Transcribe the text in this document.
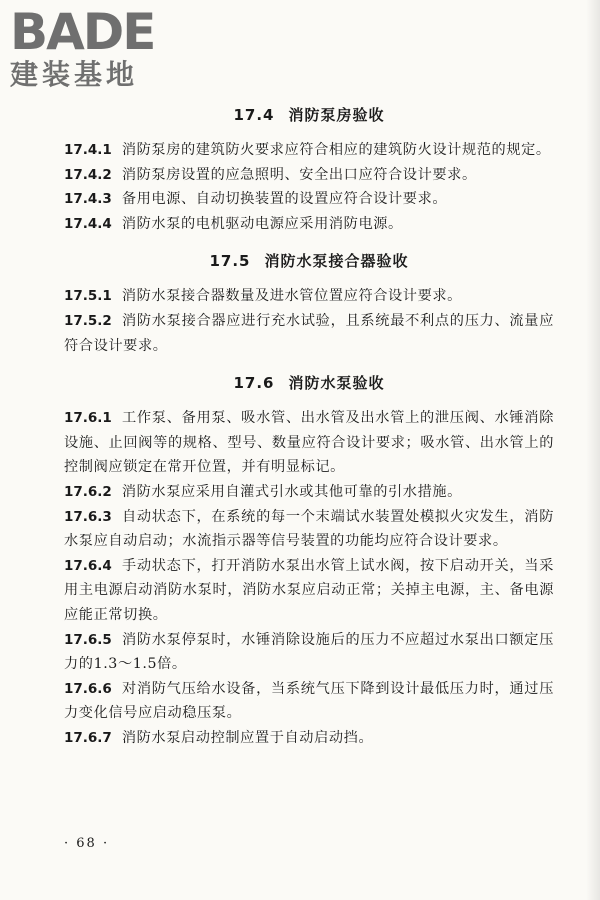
BADE
建装基地
17.4 消防泵房验收

17.4.1 消防泵房的建筑防火要求应符合相应的建筑防火设计规范的规定。

17.4.2 消防泵房设置的应急照明、安全出口应符合设计要求。

17.4.3 备用电源、自动切换装置的设置应符合设计要求。

17.4.4 消防水泵的电机驱动电源应采用消防电源。

17.5 消防水泵接合器验收

17.5.1 消防水泵接合器数量及进水管位置应符合设计要求。

17.5.2 消防水泵接合器应进行充水试验，且系统最不利点的压力、流量应符合设计要求。

17.6 消防水泵验收

17.6.1 工作泵、备用泵、吸水管、出水管及出水管上的泄压阀、水锤消除设施、止回阀等的规格、型号、数量应符合设计要求；吸水管、出水管上的控制阀应锁定在常开位置，并有明显标记。

17.6.2 消防水泵应采用自灌式引水或其他可靠的引水措施。

17.6.3 自动状态下，在系统的每一个末端试水装置处模拟火灾发生，消防水泵应自动启动；水流指示器等信号装置的功能均应符合设计要求。

17.6.4 手动状态下，打开消防水泵出水管上试水阀，按下启动开关，当采用主电源启动消防水泵时，消防水泵应启动正常；关掉主电源，主、备电源应能正常切换。

17.6.5 消防水泵停泵时，水锤消除设施后的压力不应超过水泵出口额定压力的1.3～1.5倍。

17.6.6 对消防气压给水设备，当系统气压下降到设计最低压力时，通过压力变化信号应启动稳压泵。

17.6.7 消防水泵启动控制应置于自动启动挡。

· 68 ·
